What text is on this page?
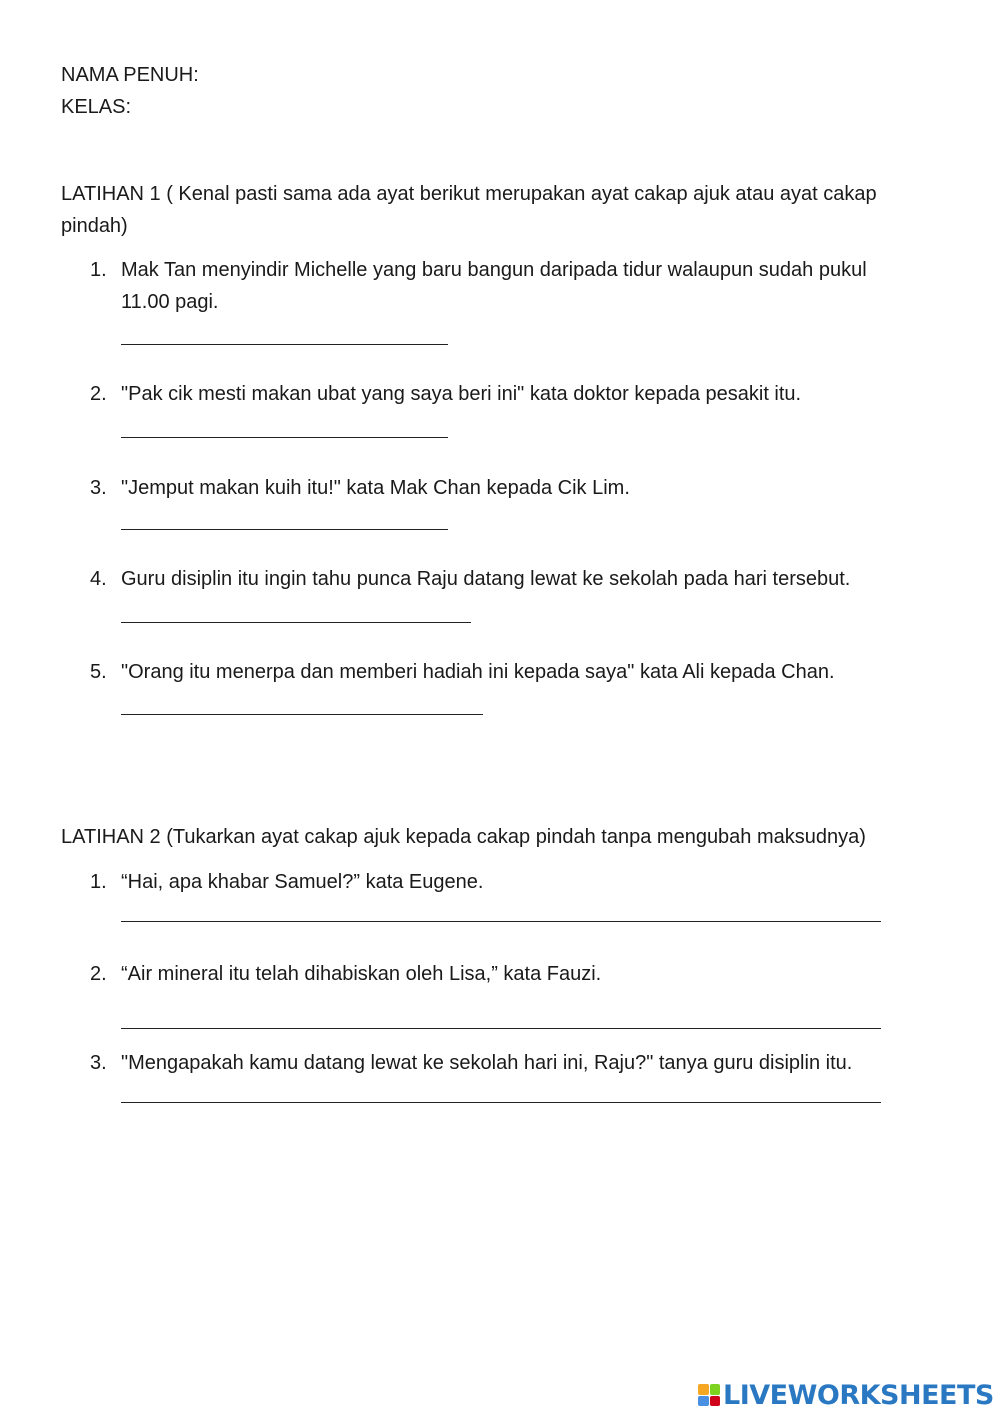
NAMA PENUH:
KELAS:
LATIHAN 1 ( Kenal pasti sama ada ayat berikut merupakan ayat cakap ajuk atau ayat cakap pindah)
1. Mak Tan menyindir Michelle yang baru bangun daripada tidur walaupun sudah pukul
11.00 pagi.
2. "Pak cik mesti makan ubat yang saya beri ini" kata doktor kepada pesakit itu.
3. "Jemput makan kuih itu!" kata Mak Chan kepada Cik Lim.
4. Guru disiplin itu ingin tahu punca Raju datang lewat ke sekolah pada hari tersebut.
5. "Orang itu menerpa dan memberi hadiah ini kepada saya" kata Ali kepada Chan.
LATIHAN 2 (Tukarkan ayat cakap ajuk kepada cakap pindah tanpa mengubah maksudnya)
1. “Hai, apa khabar Samuel?” kata Eugene.
2. “Air mineral itu telah dihabiskan oleh Lisa,” kata Fauzi.
3. "Mengapakah kamu datang lewat ke sekolah hari ini, Raju?" tanya guru disiplin itu.
LIVEWORKSHEETS
